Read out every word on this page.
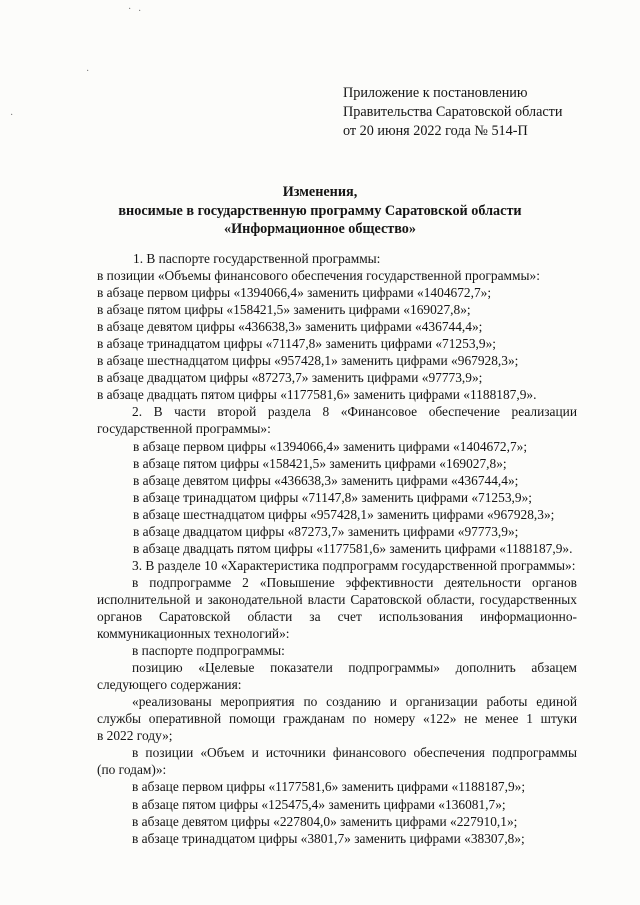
· ·
·
·
Приложение к постановлению
Правительства Саратовской области
от 20 июня 2022 года № 514-П
Изменения,
вносимые в государственную программу Саратовской области
«Информационное общество»
1. В паспорте государственной программы:
в позиции «Объемы финансового обеспечения государственной программы»:
в абзаце первом цифры «1394066,4» заменить цифрами «1404672,7»;
в абзаце пятом цифры «158421,5» заменить цифрами «169027,8»;
в абзаце девятом цифры «436638,3» заменить цифрами «436744,4»;
в абзаце тринадцатом цифры «71147,8» заменить цифрами «71253,9»;
в абзаце шестнадцатом цифры «957428,1» заменить цифрами «967928,3»;
в абзаце двадцатом цифры «87273,7» заменить цифрами «97773,9»;
в абзаце двадцать пятом цифры «1177581,6» заменить цифрами «1188187,9».
2. В части второй раздела 8 «Финансовое обеспечение реализации
государственной программы»:
в абзаце первом цифры «1394066,4» заменить цифрами «1404672,7»;
в абзаце пятом цифры «158421,5» заменить цифрами «169027,8»;
в абзаце девятом цифры «436638,3» заменить цифрами «436744,4»;
в абзаце тринадцатом цифры «71147,8» заменить цифрами «71253,9»;
в абзаце шестнадцатом цифры «957428,1» заменить цифрами «967928,3»;
в абзаце двадцатом цифры «87273,7» заменить цифрами «97773,9»;
в абзаце двадцать пятом цифры «1177581,6» заменить цифрами «1188187,9».
3. В разделе 10 «Характеристика подпрограмм государственной программы»:
в подпрограмме 2 «Повышение эффективности деятельности органов
исполнительной и законодательной власти Саратовской области, государственных
органов Саратовской области за счет использования информационно-
коммуникационных технологий»:
в паспорте подпрограммы:
позицию «Целевые показатели подпрограммы» дополнить абзацем
следующего содержания:
«реализованы мероприятия по созданию и организации работы единой
службы оперативной помощи гражданам по номеру «122» не менее 1 штуки
в 2022 году»;
в позиции «Объем и источники финансового обеспечения подпрограммы
(по годам)»:
в абзаце первом цифры «1177581,6» заменить цифрами «1188187,9»;
в абзаце пятом цифры «125475,4» заменить цифрами «136081,7»;
в абзаце девятом цифры «227804,0» заменить цифрами «227910,1»;
в абзаце тринадцатом цифры «3801,7» заменить цифрами «38307,8»;
